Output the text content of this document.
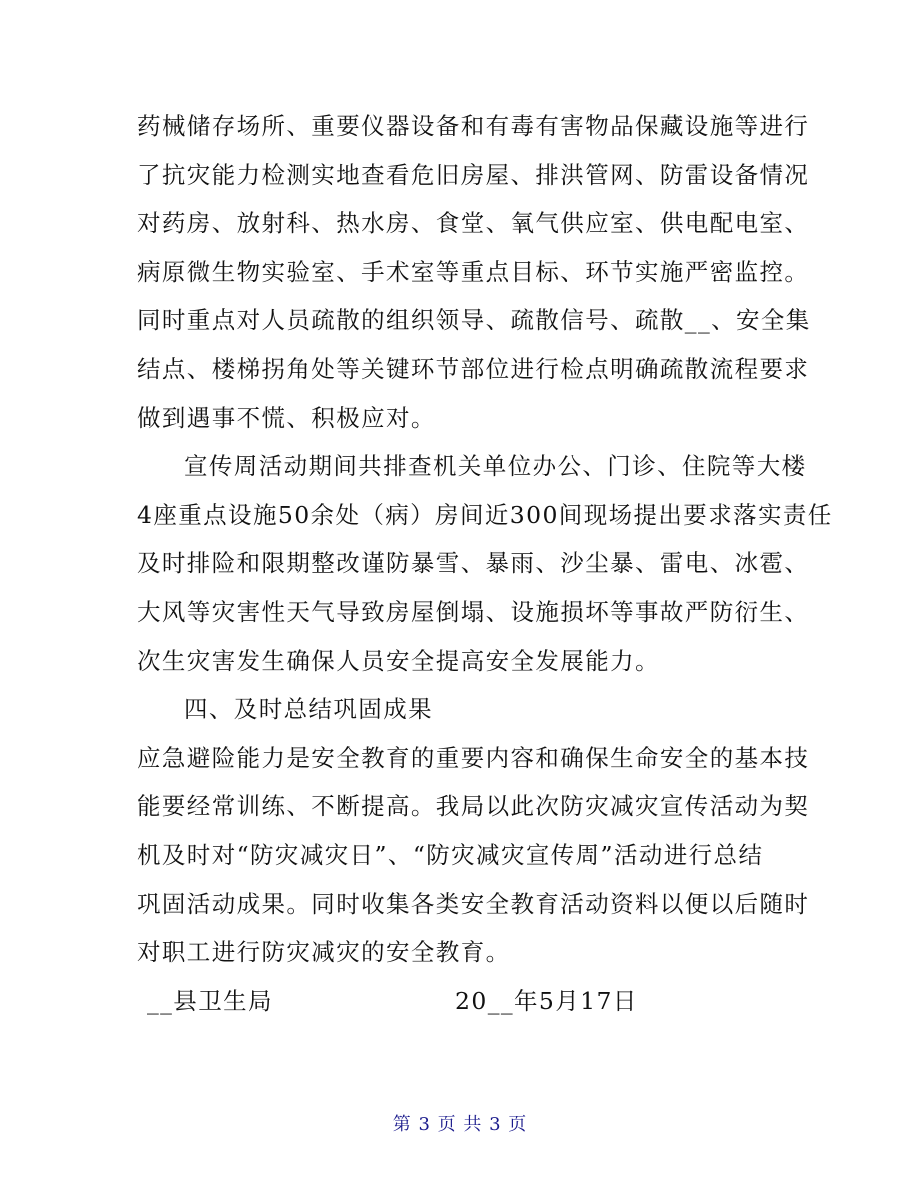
药械储存场所、重要仪器设备和有毒有害物品保藏设施等进行
了抗灾能力检测实地查看危旧房屋、排洪管网、防雷设备情况
对药房、放射科、热水房、食堂、氧气供应室、供电配电室、
病原微生物实验室、手术室等重点目标、环节实施严密监控。
同时重点对人员疏散的组织领导、疏散信号、疏散__、安全集
结点、楼梯拐角处等关键环节部位进行检点明确疏散流程要求
做到遇事不慌、积极应对。
宣传周活动期间共排查机关单位办公、门诊、住院等大楼
4座重点设施50余处（病）房间近300间现场提出要求落实责任
及时排险和限期整改谨防暴雪、暴雨、沙尘暴、雷电、冰雹、
大风等灾害性天气导致房屋倒塌、设施损坏等事故严防衍生、
次生灾害发生确保人员安全提高安全发展能力。
四、及时总结巩固成果
应急避险能力是安全教育的重要内容和确保生命安全的基本技
能要经常训练、不断提高。我局以此次防灾减灾宣传活动为契
机及时对“防灾减灾日”、“防灾减灾宣传周”活动进行总结
巩固活动成果。同时收集各类安全教育活动资料以便以后随时
对职工进行防灾减灾的安全教育。
__县卫生局	20__年5月17日
第 3 页 共 3 页
